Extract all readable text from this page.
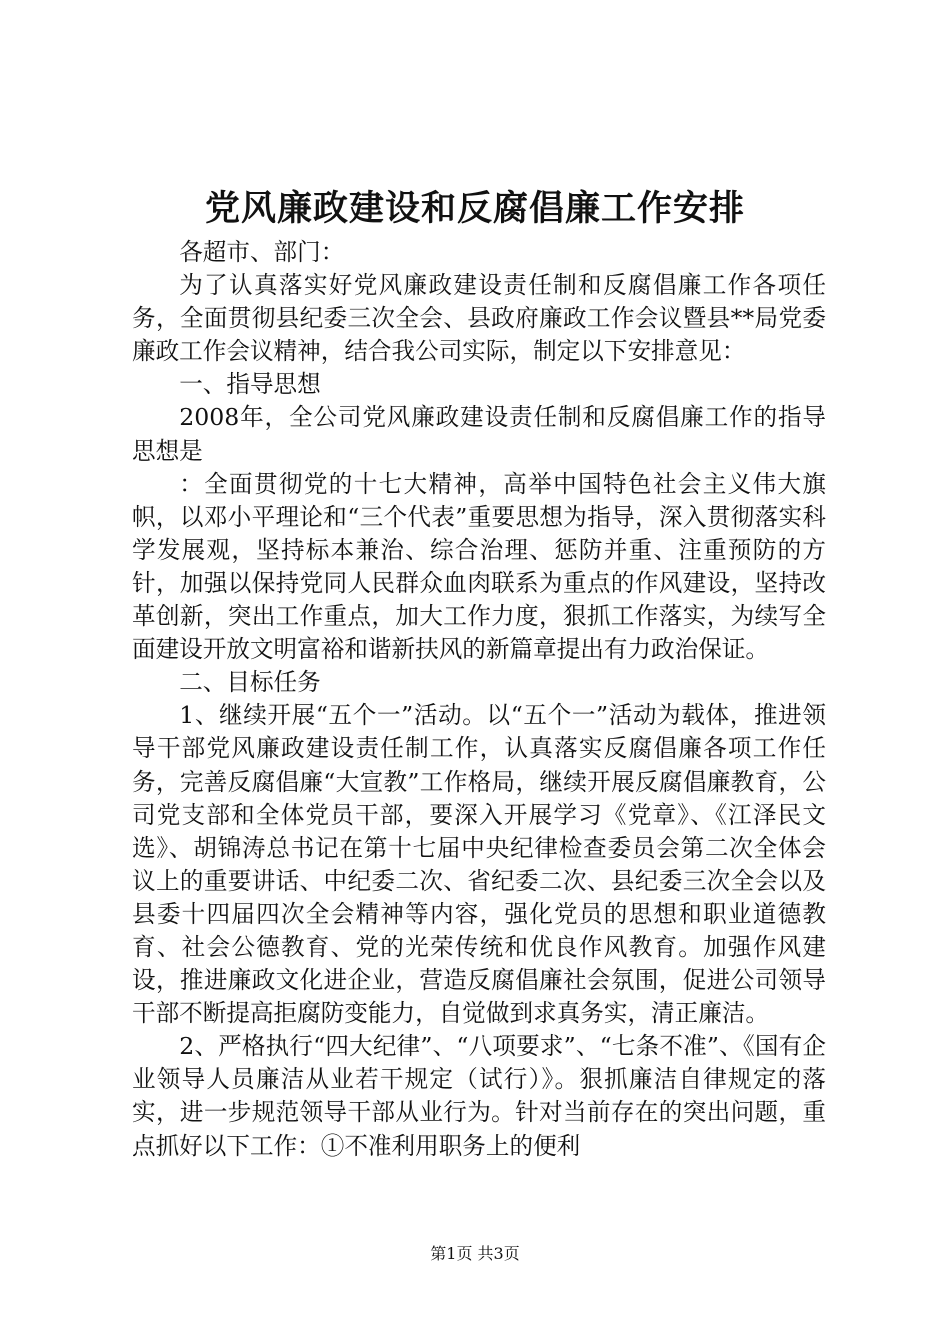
党风廉政建设和反腐倡廉工作安排

各超市、部门：

为了认真落实好党风廉政建设责任制和反腐倡廉工作各项任务，全面贯彻县纪委三次全会、县政府廉政工作会议暨县**局党委廉政工作会议精神，结合我公司实际，制定以下安排意见：

一、指导思想

2008年，全公司党风廉政建设责任制和反腐倡廉工作的指导思想是

：全面贯彻党的十七大精神，高举中国特色社会主义伟大旗帜，以邓小平理论和“三个代表”重要思想为指导，深入贯彻落实科学发展观，坚持标本兼治、综合治理、惩防并重、注重预防的方针，加强以保持党同人民群众血肉联系为重点的作风建设，坚持改革创新，突出工作重点，加大工作力度，狠抓工作落实，为续写全面建设开放文明富裕和谐新扶风的新篇章提出有力政治保证。

二、目标任务

1、继续开展“五个一”活动。以“五个一”活动为载体，推进领导干部党风廉政建设责任制工作，认真落实反腐倡廉各项工作任务，完善反腐倡廉“大宣教”工作格局，继续开展反腐倡廉教育，公司党支部和全体党员干部，要深入开展学习《党章》、《江泽民文选》、胡锦涛总书记在第十七届中央纪律检查委员会第二次全体会议上的重要讲话、中纪委二次、省纪委二次、县纪委三次全会以及县委十四届四次全会精神等内容，强化党员的思想和职业道德教育、社会公德教育、党的光荣传统和优良作风教育。加强作风建设，推进廉政文化进企业，营造反腐倡廉社会氛围，促进公司领导干部不断提高拒腐防变能力，自觉做到求真务实，清正廉洁。

2、严格执行“四大纪律”、“八项要求”、“七条不准”、《国有企业领导人员廉洁从业若干规定（试行）》。狠抓廉洁自律规定的落实，进一步规范领导干部从业行为。针对当前存在的突出问题，重点抓好以下工作：①不准利用职务上的便利

第1页 共3页
